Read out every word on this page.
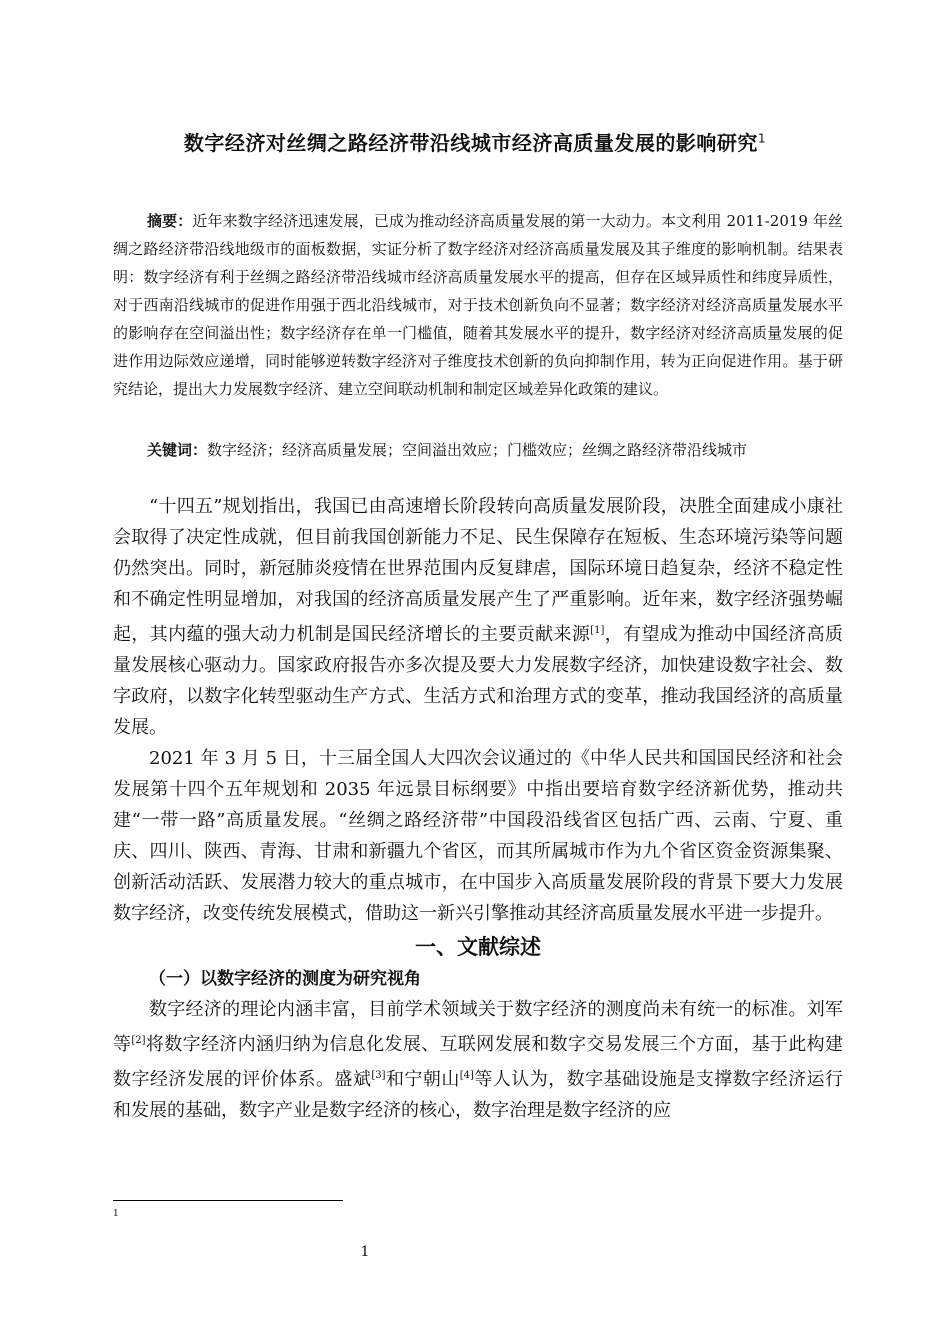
数字经济对丝绸之路经济带沿线城市经济高质量发展的影响研究$^1$

摘要：近年来数字经济迅速发展，已成为推动经济高质量发展的第一大动力。本文利用 2011-2019 年丝绸之路经济带沿线地级市的面板数据，实证分析了数字经济对经济高质量发展及其子维度的影响机制。结果表明：数字经济有利于丝绸之路经济带沿线城市经济高质量发展水平的提高，但存在区域异质性和纬度异质性，对于西南沿线城市的促进作用强于西北沿线城市，对于技术创新负向不显著；数字经济对经济高质量发展水平的影响存在空间溢出性；数字经济存在单一门槛值，随着其发展水平的提升，数字经济对经济高质量发展的促进作用边际效应递增，同时能够逆转数字经济对子维度技术创新的负向抑制作用，转为正向促进作用。基于研究结论，提出大力发展数字经济、建立空间联动机制和制定区域差异化政策的建议。

关键词：数字经济；经济高质量发展；空间溢出效应；门槛效应；丝绸之路经济带沿线城市

“十四五”规划指出，我国已由高速增长阶段转向高质量发展阶段，决胜全面建成小康社会取得了决定性成就，但目前我国创新能力不足、民生保障存在短板、生态环境污染等问题仍然突出。同时，新冠肺炎疫情在世界范围内反复肆虐，国际环境日趋复杂，经济不稳定性和不确定性明显增加，对我国的经济高质量发展产生了严重影响。近年来，数字经济强势崛起，其内蕴的强大动力机制是国民经济增长的主要贡献来源[1]，有望成为推动中国经济高质量发展核心驱动力。国家政府报告亦多次提及要大力发展数字经济，加快建设数字社会、数字政府，以数字化转型驱动生产方式、生活方式和治理方式的变革，推动我国经济的高质量发展。

2021 年 3 月 5 日，十三届全国人大四次会议通过的《中华人民共和国国民经济和社会发展第十四个五年规划和 2035 年远景目标纲要》中指出要培育数字经济新优势，推动共建“一带一路”高质量发展。“丝绸之路经济带”中国段沿线省区包括广西、云南、宁夏、重庆、四川、陕西、青海、甘肃和新疆九个省区，而其所属城市作为九个省区资金资源集聚、创新活动活跃、发展潜力较大的重点城市，在中国步入高质量发展阶段的背景下要大力发展数字经济，改变传统发展模式，借助这一新兴引擎推动其经济高质量发展水平进一步提升。

一、文献综述

（一）以数字经济的测度为研究视角

数字经济的理论内涵丰富，目前学术领域关于数字经济的测度尚未有统一的标准。刘军等[2]将数字经济内涵归纳为信息化发展、互联网发展和数字交易发展三个方面，基于此构建数字经济发展的评价体系。盛斌[3]和宁朝山[4]等人认为，数字基础设施是支撑数字经济运行和发展的基础，数字产业是数字经济的核心，数字治理是数字经济的应

1
1
